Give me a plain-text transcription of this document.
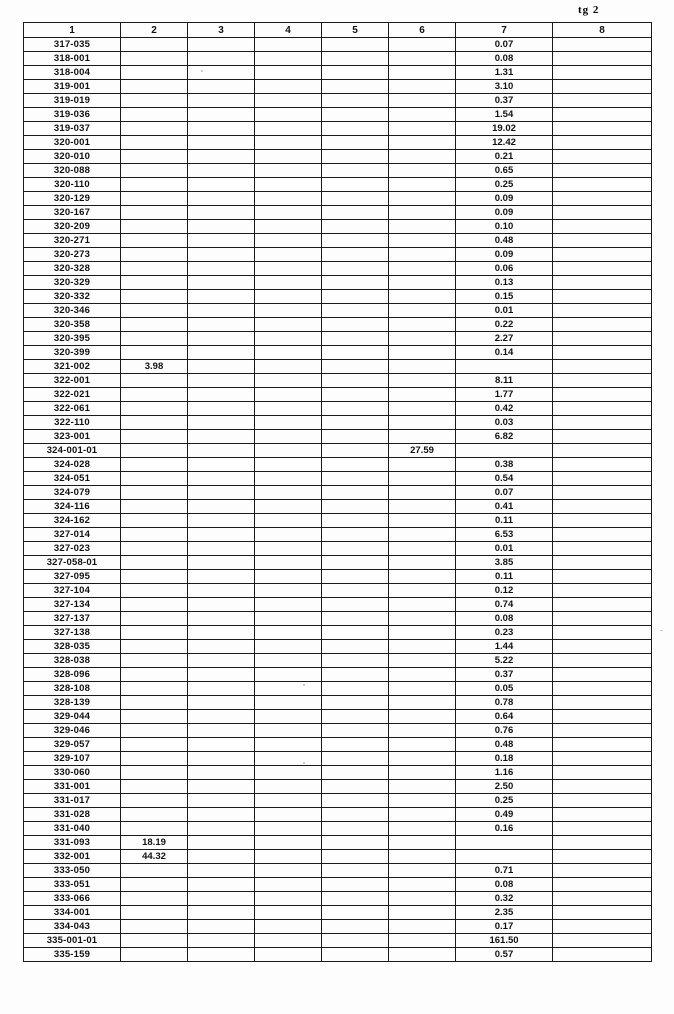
tg 2
1	2	3	4	5	6	7	8
317-035						0.07	
318-001						0.08	
318-004						1.31	
319-001						3.10	
319-019						0.37	
319-036						1.54	
319-037						19.02	
320-001						12.42	
320-010						0.21	
320-088						0.65	
320-110						0.25	
320-129						0.09	
320-167						0.09	
320-209						0.10	
320-271						0.48	
320-273						0.09	
320-328						0.06	
320-329						0.13	
320-332						0.15	
320-346						0.01	
320-358						0.22	
320-395						2.27	
320-399						0.14	
321-002	3.98						
322-001						8.11	
322-021						1.77	
322-061						0.42	
322-110						0.03	
323-001						6.82	
324-001-01					27.59		
324-028						0.38	
324-051						0.54	
324-079						0.07	
324-116						0.41	
324-162						0.11	
327-014						6.53	
327-023						0.01	
327-058-01						3.85	
327-095						0.11	
327-104						0.12	
327-134						0.74	
327-137						0.08	
327-138						0.23	
328-035						1.44	
328-038						5.22	
328-096						0.37	
328-108						0.05	
328-139						0.78	
329-044						0.64	
329-046						0.76	
329-057						0.48	
329-107						0.18	
330-060						1.16	
331-001						2.50	
331-017						0.25	
331-028						0.49	
331-040						0.16	
331-093	18.19						
332-001	44.32						
333-050						0.71	
333-051						0.08	
333-066						0.32	
334-001						2.35	
334-043						0.17	
335-001-01						161.50	
335-159						0.57	
